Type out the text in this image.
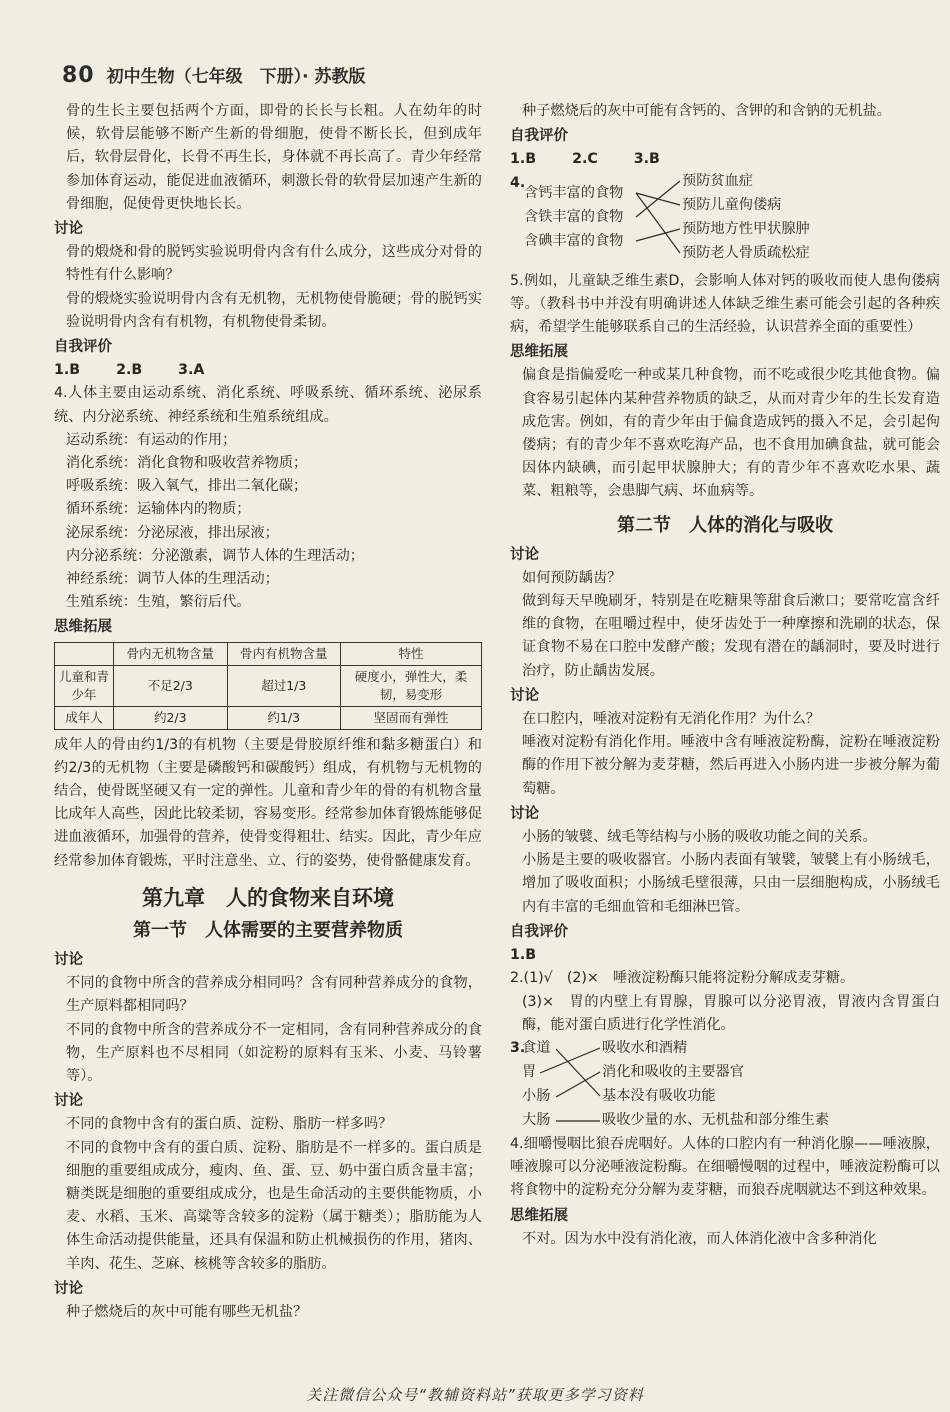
80 初中生物（七年级　下册）· 苏教版

骨的生长主要包括两个方面，即骨的长长与长粗。人在幼年的时候，软骨层能够不断产生新的骨细胞，使骨不断长长，但到成年后，软骨层骨化，长骨不再生长，身体就不再长高了。青少年经常参加体育运动，能促进血液循环，刺激长骨的软骨层加速产生新的骨细胞，促使骨更快地长长。

讨论

骨的煅烧和骨的脱钙实验说明骨内含有什么成分，这些成分对骨的特性有什么影响？

骨的煅烧实验说明骨内含有无机物，无机物使骨脆硬；骨的脱钙实验说明骨内含有有机物，有机物使骨柔韧。

自我评价

1.B	2.B	3.A

4.人体主要由运动系统、消化系统、呼吸系统、循环系统、泌尿系统、内分泌系统、神经系统和生殖系统组成。

运动系统：有运动的作用；

消化系统：消化食物和吸收营养物质；

呼吸系统：吸入氧气，排出二氧化碳；

循环系统：运输体内的物质；

泌尿系统：分泌尿液，排出尿液；

内分泌系统：分泌激素，调节人体的生理活动；

神经系统：调节人体的生理活动；

生殖系统：生殖，繁衍后代。

思维拓展

	骨内无机物含量	骨内有机物含量	特性
儿童和青少年	不足2/3	超过1/3	硬度小，弹性大，柔韧，易变形
成年人	约2/3	约1/3	坚固而有弹性

成年人的骨由约1/3的有机物（主要是骨胶原纤维和黏多糖蛋白）和约2/3的无机物（主要是磷酸钙和碳酸钙）组成，有机物与无机物的结合，使骨既坚硬又有一定的弹性。儿童和青少年的骨的有机物含量比成年人高些，因此比较柔韧，容易变形。经常参加体育锻炼能够促进血液循环，加强骨的营养，使骨变得粗壮、结实。因此，青少年应经常参加体育锻炼，平时注意坐、立、行的姿势，使骨骼健康发育。

第九章　人的食物来自环境
第一节　人体需要的主要营养物质

讨论

不同的食物中所含的营养成分相同吗？含有同种营养成分的食物，生产原料都相同吗？

不同的食物中所含的营养成分不一定相同，含有同种营养成分的食物，生产原料也不尽相同（如淀粉的原料有玉米、小麦、马铃薯等）。

讨论

不同的食物中含有的蛋白质、淀粉、脂肪一样多吗？

不同的食物中含有的蛋白质、淀粉、脂肪是不一样多的。蛋白质是细胞的重要组成成分，瘦肉、鱼、蛋、豆、奶中蛋白质含量丰富；糖类既是细胞的重要组成成分，也是生命活动的主要供能物质，小麦、水稻、玉米、高粱等含较多的淀粉（属于糖类）；脂肪能为人体生命活动提供能量，还具有保温和防止机械损伤的作用，猪肉、羊肉、花生、芝麻、核桃等含较多的脂肪。

讨论

种子燃烧后的灰中可能有哪些无机盐？

种子燃烧后的灰中可能有含钙的、含钾的和含钠的无机盐。

自我评价

1.B	2.C	3.B

4.
含钙丰富的食物
含铁丰富的食物
含碘丰富的食物
预防贫血症
预防儿童佝偻病
预防地方性甲状腺肿
预防老人骨质疏松症

5.例如，儿童缺乏维生素D，会影响人体对钙的吸收而使人患佝偻病等。（教科书中并没有明确讲述人体缺乏维生素可能会引起的各种疾病，希望学生能够联系自己的生活经验，认识营养全面的重要性）

思维拓展

偏食是指偏爱吃一种或某几种食物，而不吃或很少吃其他食物。偏食容易引起体内某种营养物质的缺乏，从而对青少年的生长发育造成危害。例如，有的青少年由于偏食造成钙的摄入不足，会引起佝偻病；有的青少年不喜欢吃海产品，也不食用加碘食盐，就可能会因体内缺碘，而引起甲状腺肿大；有的青少年不喜欢吃水果、蔬菜、粗粮等，会患脚气病、坏血病等。

第二节　人体的消化与吸收

讨论

如何预防龋齿？

做到每天早晚刷牙，特别是在吃糖果等甜食后漱口；要常吃富含纤维的食物，在咀嚼过程中，使牙齿处于一种摩擦和洗刷的状态，保证食物不易在口腔中发酵产酸；发现有潜在的龋洞时，要及时进行治疗，防止龋齿发展。

讨论

在口腔内，唾液对淀粉有无消化作用？为什么？

唾液对淀粉有消化作用。唾液中含有唾液淀粉酶，淀粉在唾液淀粉酶的作用下被分解为麦芽糖，然后再进入小肠内进一步被分解为葡萄糖。

讨论

小肠的皱襞、绒毛等结构与小肠的吸收功能之间的关系。

小肠是主要的吸收器官。小肠内表面有皱襞，皱襞上有小肠绒毛，增加了吸收面积；小肠绒毛壁很薄，只由一层细胞构成，小肠绒毛内有丰富的毛细血管和毛细淋巴管。

自我评价

1.B

2.(1)√　(2)×　唾液淀粉酶只能将淀粉分解成麦芽糖。

(3)×　胃的内壁上有胃腺，胃腺可以分泌胃液，胃液内含胃蛋白酶，能对蛋白质进行化学性消化。

3.
食道
胃
小肠
大肠
吸收水和酒精
消化和吸收的主要器官
基本没有吸收功能
吸收少量的水、无机盐和部分维生素

4.细嚼慢咽比狼吞虎咽好。人体的口腔内有一种消化腺——唾液腺，唾液腺可以分泌唾液淀粉酶。在细嚼慢咽的过程中，唾液淀粉酶可以将食物中的淀粉充分分解为麦芽糖，而狼吞虎咽就达不到这种效果。

思维拓展

不对。因为水中没有消化液，而人体消化液中含多种消化

关注微信公众号“教辅资料站”获取更多学习资料
